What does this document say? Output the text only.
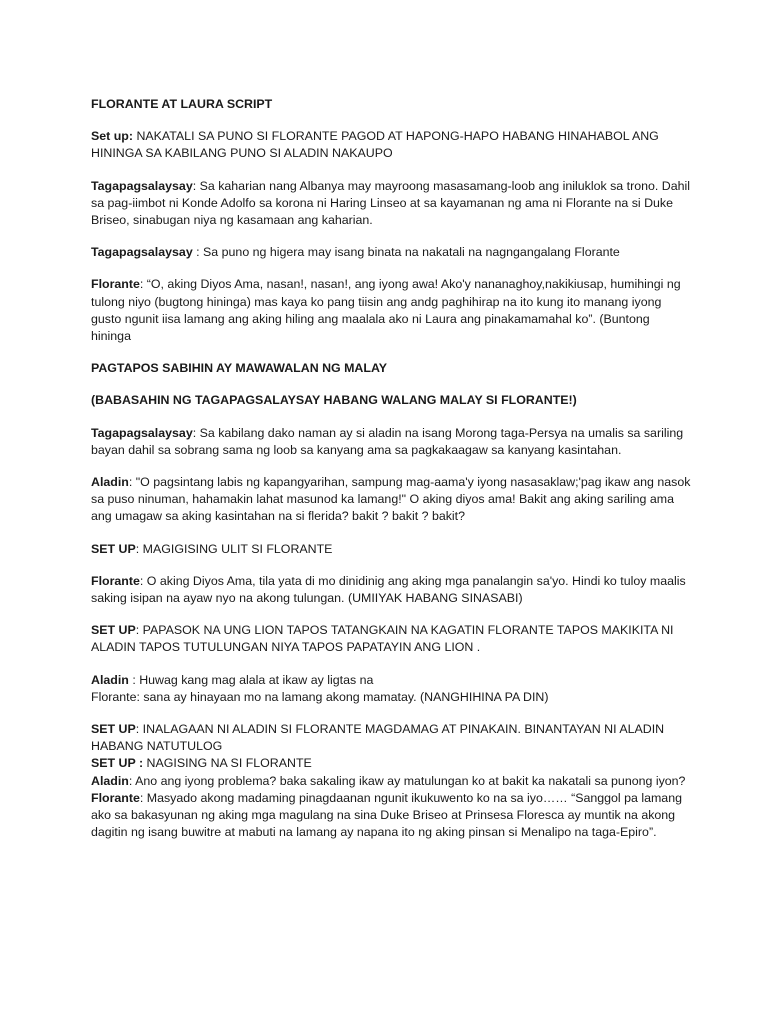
FLORANTE AT LAURA SCRIPT
Set up: NAKATALI SA PUNO SI FLORANTE PAGOD AT HAPONG-HAPO HABANG HINAHABOL ANG HININGA SA KABILANG PUNO SI ALADIN NAKAUPO
Tagapagsalaysay: Sa kaharian nang Albanya may mayroong masasamang-loob ang iniluklok sa trono. Dahil sa pag-iimbot ni Konde Adolfo sa korona ni Haring Linseo at sa kayamanan ng ama ni Florante na si Duke Briseo, sinabugan niya ng kasamaan ang kaharian.
Tagapagsalaysay : Sa puno ng higera may isang binata na nakatali na nagngangalang Florante
Florante: “O, aking Diyos Ama, nasan!, nasan!, ang iyong awa! Ako'y nananaghoy,nakikiusap, humihingi ng tulong niyo (bugtong hininga) mas kaya ko pang tiisin ang andg paghihirap na ito kung ito manang iyong gusto ngunit iisa lamang ang aking hiling ang maalala ako ni Laura ang pinakamamahal ko”. (Buntong hininga
PAGTAPOS SABIHIN AY MAWAWALAN NG MALAY
(BABASAHIN NG TAGAPAGSALAYSAY HABANG WALANG MALAY SI FLORANTE!)
Tagapagsalaysay: Sa kabilang dako naman ay si aladin na isang Morong taga-Persya na umalis sa sariling bayan dahil sa sobrang sama ng loob sa kanyang ama sa pagkakaagaw sa kanyang kasintahan.
Aladin: "O pagsintang labis ng kapangyarihan, sampung mag-aama'y iyong nasasaklaw;'pag ikaw ang nasok sa puso ninuman, hahamakin lahat masunod ka lamang!" O aking diyos ama! Bakit ang aking sariling ama ang umagaw sa aking kasintahan na si flerida? bakit ? bakit ? bakit?
SET UP: MAGIGISING ULIT SI FLORANTE
Florante: O aking Diyos Ama, tila yata di mo dinidinig ang aking mga panalangin sa'yo. Hindi ko tuloy maalis saking isipan na ayaw nyo na akong tulungan. (UMIIYAK HABANG SINASABI)
SET UP: PAPASOK NA UNG LION TAPOS TATANGKAIN NA KAGATIN FLORANTE TAPOS MAKIKITA NI ALADIN TAPOS TUTULUNGAN NIYA TAPOS PAPATAYIN ANG LION .
Aladin : Huwag kang mag alala at ikaw ay ligtas na
Florante: sana ay hinayaan mo na lamang akong mamatay. (NANGHIHINA PA DIN)
SET UP: INALAGAAN NI ALADIN SI FLORANTE MAGDAMAG AT PINAKAIN. BINANTAYAN NI ALADIN HABANG NATUTULOG
SET UP : NAGISING NA SI FLORANTE
Aladin: Ano ang iyong problema? baka sakaling ikaw ay matulungan ko at bakit ka nakatali sa punong iyon?
Florante: Masyado akong madaming pinagdaanan ngunit ikukuwento ko na sa iyo…… “Sanggol pa lamang ako sa bakasyunan ng aking mga magulang na sina Duke Briseo at Prinsesa Floresca ay muntik na akong dagitin ng isang buwitre at mabuti na lamang ay napana ito ng aking pinsan si Menalipo na taga-Epiro”.
